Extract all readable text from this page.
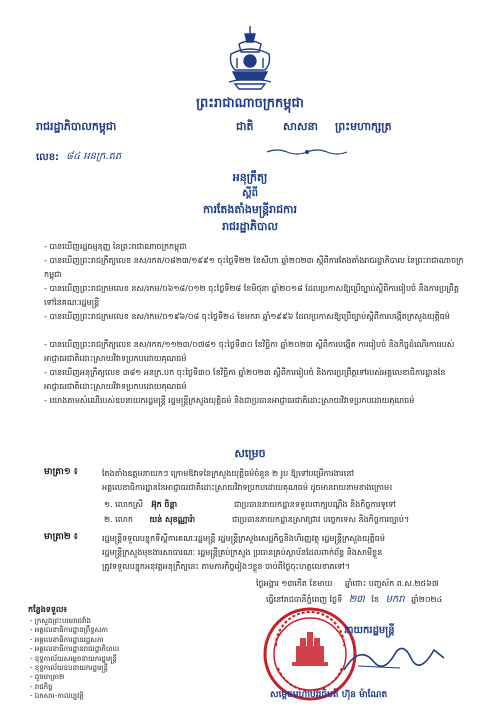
ព្រះរាជាណាចក្រកម្ពុជា
រាជរដ្ឋាភិបាលកម្ពុជា	ជាតិ	សាសនា ព្រះមហាក្សត្រ
លេខ: ៨៤ អនក្រ.តត
អនុក្រឹត្យ
ស្តីពី
ការតែងតាំងមន្ត្រីរាជការ
រាជរដ្ឋាភិបាល
- បានឃើញរដ្ឋធម្មនុញ្ញ នៃព្រះរាជាណាចក្រកម្ពុជា
- បានឃើញព្រះរាជក្រឹត្យលេខ នស/រកត/០៨២៣/១៩៩១ ចុះថ្ងៃទី២២ ខែសីហា ឆ្នាំ២០២៣ ស្តីពីការតែងតាំងរាជរដ្ឋាភិបាល នៃព្រះរាជាណាចក្រកម្ពុជា
- បានឃើញព្រះរាជក្រមលេខ នស/រកម/០៦១៨/០១២ ចុះថ្ងៃទី២៨ ខែមិថុនា ឆ្នាំ២០១៨ ដែលប្រកាសឱ្យប្រើច្បាប់ស្តីពីការរៀបចំ និងការប្រព្រឹត្តទៅនៃគណៈរដ្ឋមន្ត្រី
- បានឃើញព្រះរាជក្រមលេខ នស/រកម/០១៩៦/០៨ ចុះថ្ងៃទី២៤ ខែមករា ឆ្នាំ១៩៩៦ ដែលប្រកាសឱ្យប្រើច្បាប់ស្តីពីការបង្កើតក្រសួងយុត្តិធម៌
- បានឃើញព្រះរាជក្រឹត្យលេខ នស/រកត/១១២៣/០៧៨១ ចុះថ្ងៃទី៣០ ខែវិច្ឆិកា ឆ្នាំ២០២៣ ស្តីពីការបង្កើត ការរៀបចំ និងកិច្ចដំណើរការរបស់អាជ្ញាធរជាតិដោះស្រាយវិវាទប្រកបដោយគុណធម៌
- បានឃើញអនុក្រឹត្យលេខ ៣៨១ អនក្រ.បក ចុះថ្ងៃទី៣០ ខែវិច្ឆិកា ឆ្នាំ២០២៣ ស្តីពីការរៀបចំ និងការប្រព្រឹត្តទៅរបស់អគ្គលេខាធិការដ្ឋាននៃអាជ្ញាធរជាតិដោះស្រាយវិវាទប្រកបដោយគុណធម៌
- យោងតាមសំណើរបស់ឧបនាយករដ្ឋមន្ត្រី រដ្ឋមន្ត្រីក្រសួងយុត្តិធម៌ និងជាប្រធានអាជ្ញាធរជាតិដោះស្រាយវិវាទប្រកបដោយគុណធម៌
សម្រេច
មាត្រា១ ៖	តែងតាំងឧត្តមនាយកៗ ក្រោមឱវាទនៃក្រសួងយុត្តិធម៌ចំនួន ២ រូប ឱ្យទៅបម្រើការងារនៅ
អគ្គលេខាធិការដ្ឋាននៃអាជ្ញាធរជាតិដោះស្រាយវិវាទប្រកបដោយគុណធម៌ ដូចមានរាយនាមខាងក្រោម៖
១. លោកស្រី អ៊ុក ចិន្តា	ជាប្រធាននាយកដ្ឋានទទួលពាក្យបណ្ដឹង និងកិច្ចការទូទៅ
២. លោក យន់ សុខណ្ណារ៉ា	ជាប្រធាននាយកដ្ឋានស្រាវជ្រាវ បច្ចេកទេស និងកិច្ចការច្បាប់។
មាត្រា២ ៖	រដ្ឋមន្ត្រីទទួលបន្ទុកទីស្តីការគណៈរដ្ឋមន្ត្រី រដ្ឋមន្ត្រីក្រសួងសេដ្ឋកិច្ចនិងហិរញ្ញវត្ថុ រដ្ឋមន្ត្រីក្រសួងយុត្តិធម៌
រដ្ឋមន្ត្រីក្រសួងមុខងារសាធារណៈ រដ្ឋមន្ត្រីគ្រប់ក្រសួង ប្រធានគ្រប់ស្ថាប័នដែលពាក់ព័ន្ធ និងសាមីខ្លួន
ត្រូវទទួលបន្ទុកអនុវត្តអនុក្រឹត្យនេះ តាមភារកិច្ចរៀងៗខ្លួន ចាប់ពីថ្ងៃចុះហត្ថលេខាតទៅ។
ថ្ងៃអង្គារ ១៣កើត ខែមាឃ ឆ្នាំថោះ បញ្ចស័ក ព.ស.២៥៦៧
ធ្វើនៅរាជធានីភ្នំពេញ ថ្ងៃទី ២៣ ខែ មករា ឆ្នាំ២០២៤
នាយករដ្ឋមន្ត្រី
សម្ដេចមហាបវរធិបតី ហ៊ុន ម៉ាណែត
កន្លែងទទួល៖
- ក្រសួងព្រះបរមរាជវាំង
- អគ្គលេខាធិការដ្ឋានព្រឹទ្ធសភា
- អគ្គលេខាធិការដ្ឋានរដ្ឋសភា
- អគ្គលេខាធិការដ្ឋានរាជរដ្ឋាភិបាល
- ខុទ្ទកាល័យសម្ដេចនាយករដ្ឋមន្ត្រី
- ខុទ្ទកាល័យឧបនាយករដ្ឋមន្ត្រី
- ដូចមាត្រា២
- រាជកិច្ច
- ឯកសារ-កាលប្បវត្តិ
